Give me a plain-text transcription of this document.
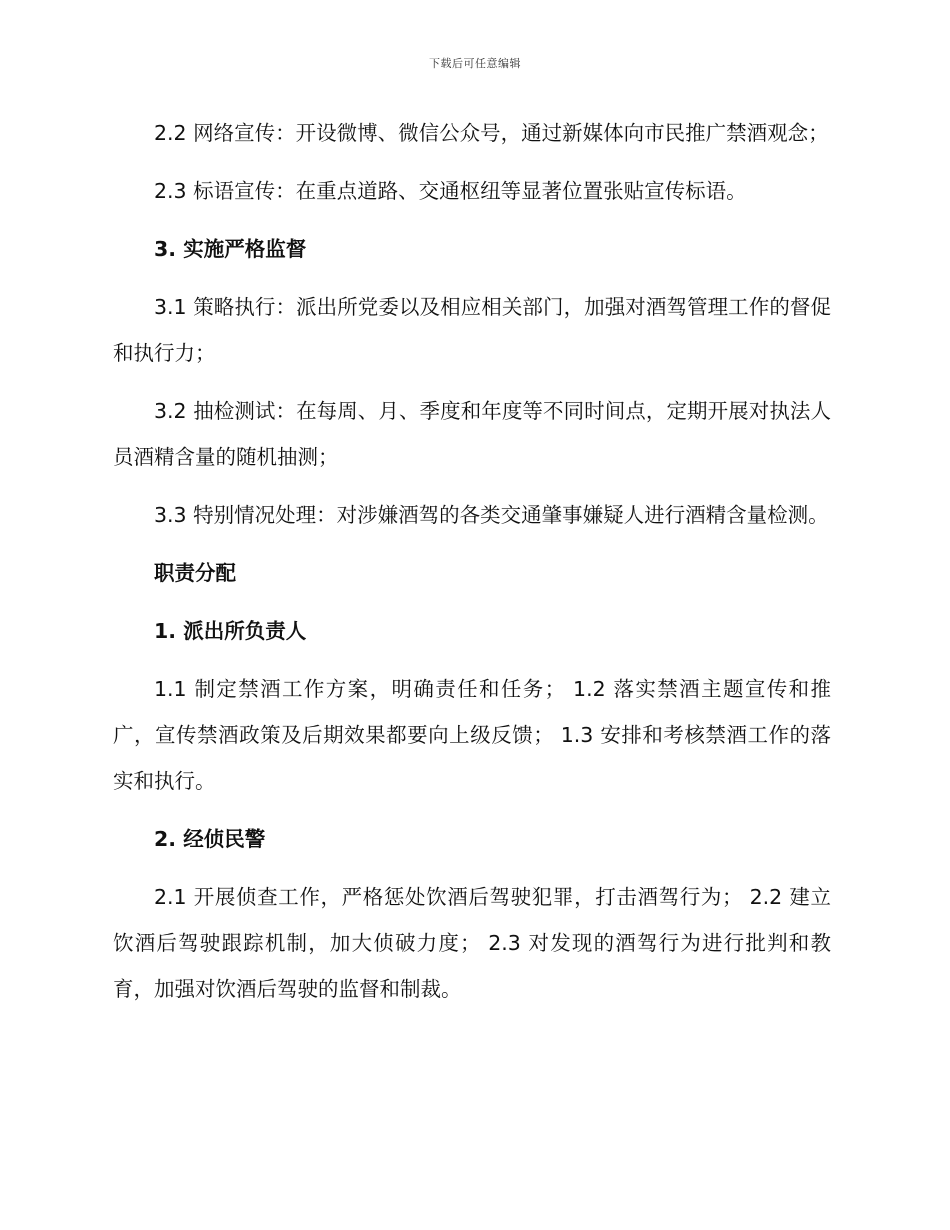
下载后可任意编辑

2.2 网络宣传：开设微博、微信公众号，通过新媒体向市民推广禁酒观念；

2.3 标语宣传：在重点道路、交通枢纽等显著位置张贴宣传标语。

3. 实施严格监督

3.1 策略执行：派出所党委以及相应相关部门，加强对酒驾管理工作的督促和执行力；

3.2 抽检测试：在每周、月、季度和年度等不同时间点，定期开展对执法人员酒精含量的随机抽测；

3.3 特别情况处理：对涉嫌酒驾的各类交通肇事嫌疑人进行酒精含量检测。

职责分配

1. 派出所负责人

1.1 制定禁酒工作方案，明确责任和任务； 1.2 落实禁酒主题宣传和推广，宣传禁酒政策及后期效果都要向上级反馈； 1.3 安排和考核禁酒工作的落实和执行。

2. 经侦民警

2.1 开展侦查工作，严格惩处饮酒后驾驶犯罪，打击酒驾行为； 2.2 建立饮酒后驾驶跟踪机制，加大侦破力度； 2.3 对发现的酒驾行为进行批判和教育，加强对饮酒后驾驶的监督和制裁。
